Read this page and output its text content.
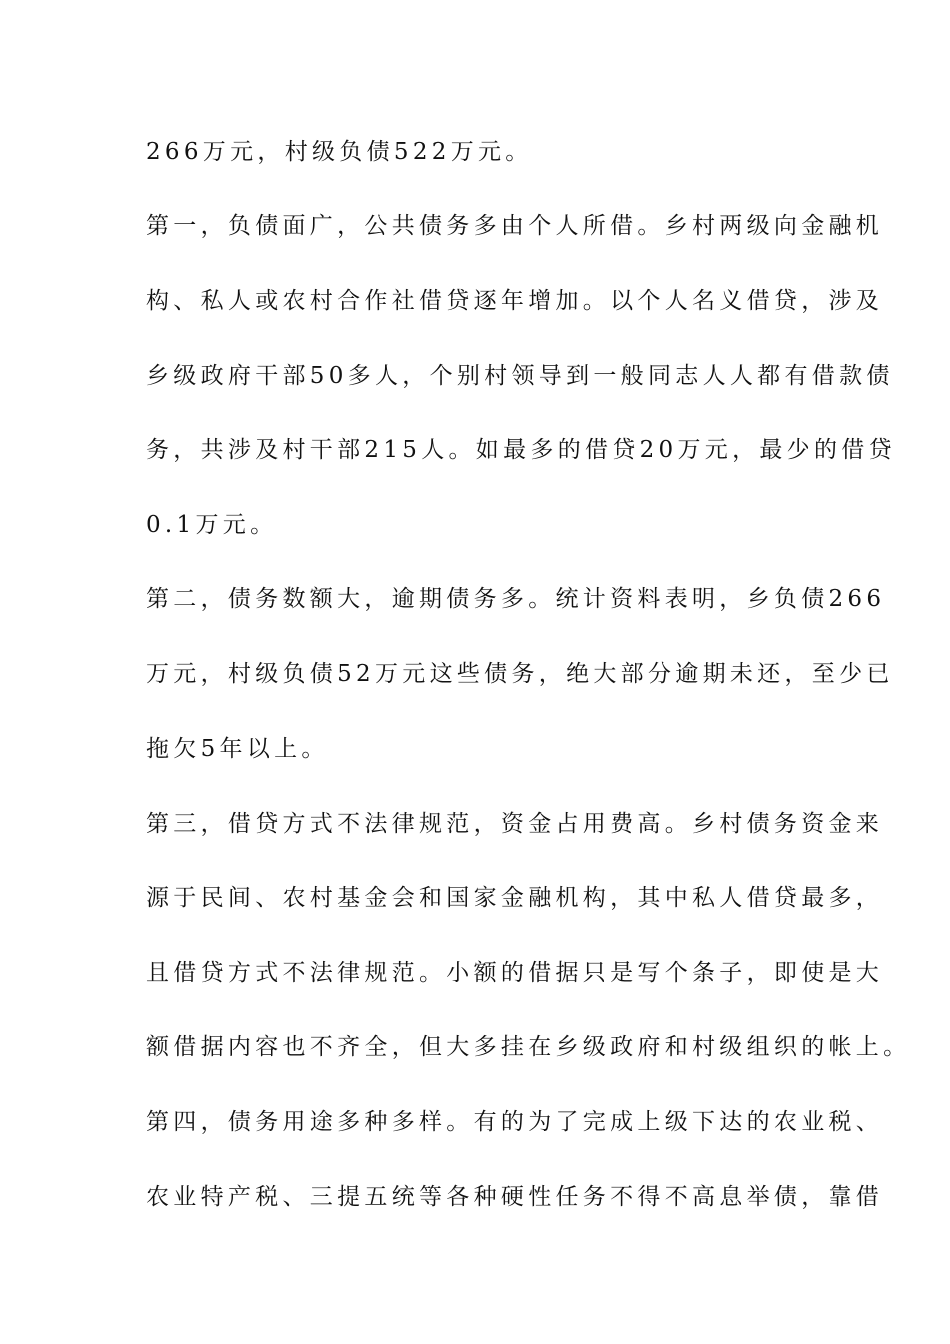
266万元，村级负债522万元。
第一，负债面广，公共债务多由个人所借。乡村两级向金融机
构、私人或农村合作社借贷逐年增加。以个人名义借贷，涉及
乡级政府干部50多人，个别村领导到一般同志人人都有借款债
务，共涉及村干部215人。如最多的借贷20万元，最少的借贷
0.1万元。
第二，债务数额大，逾期债务多。统计资料表明，乡负债266
万元，村级负债52万元这些债务，绝大部分逾期未还，至少已
拖欠5年以上。
第三，借贷方式不法律规范，资金占用费高。乡村债务资金来
源于民间、农村基金会和国家金融机构，其中私人借贷最多，
且借贷方式不法律规范。小额的借据只是写个条子，即使是大
额借据内容也不齐全，但大多挂在乡级政府和村级组织的帐上。
第四，债务用途多种多样。有的为了完成上级下达的农业税、
农业特产税、三提五统等各种硬性任务不得不高息举债，靠借
